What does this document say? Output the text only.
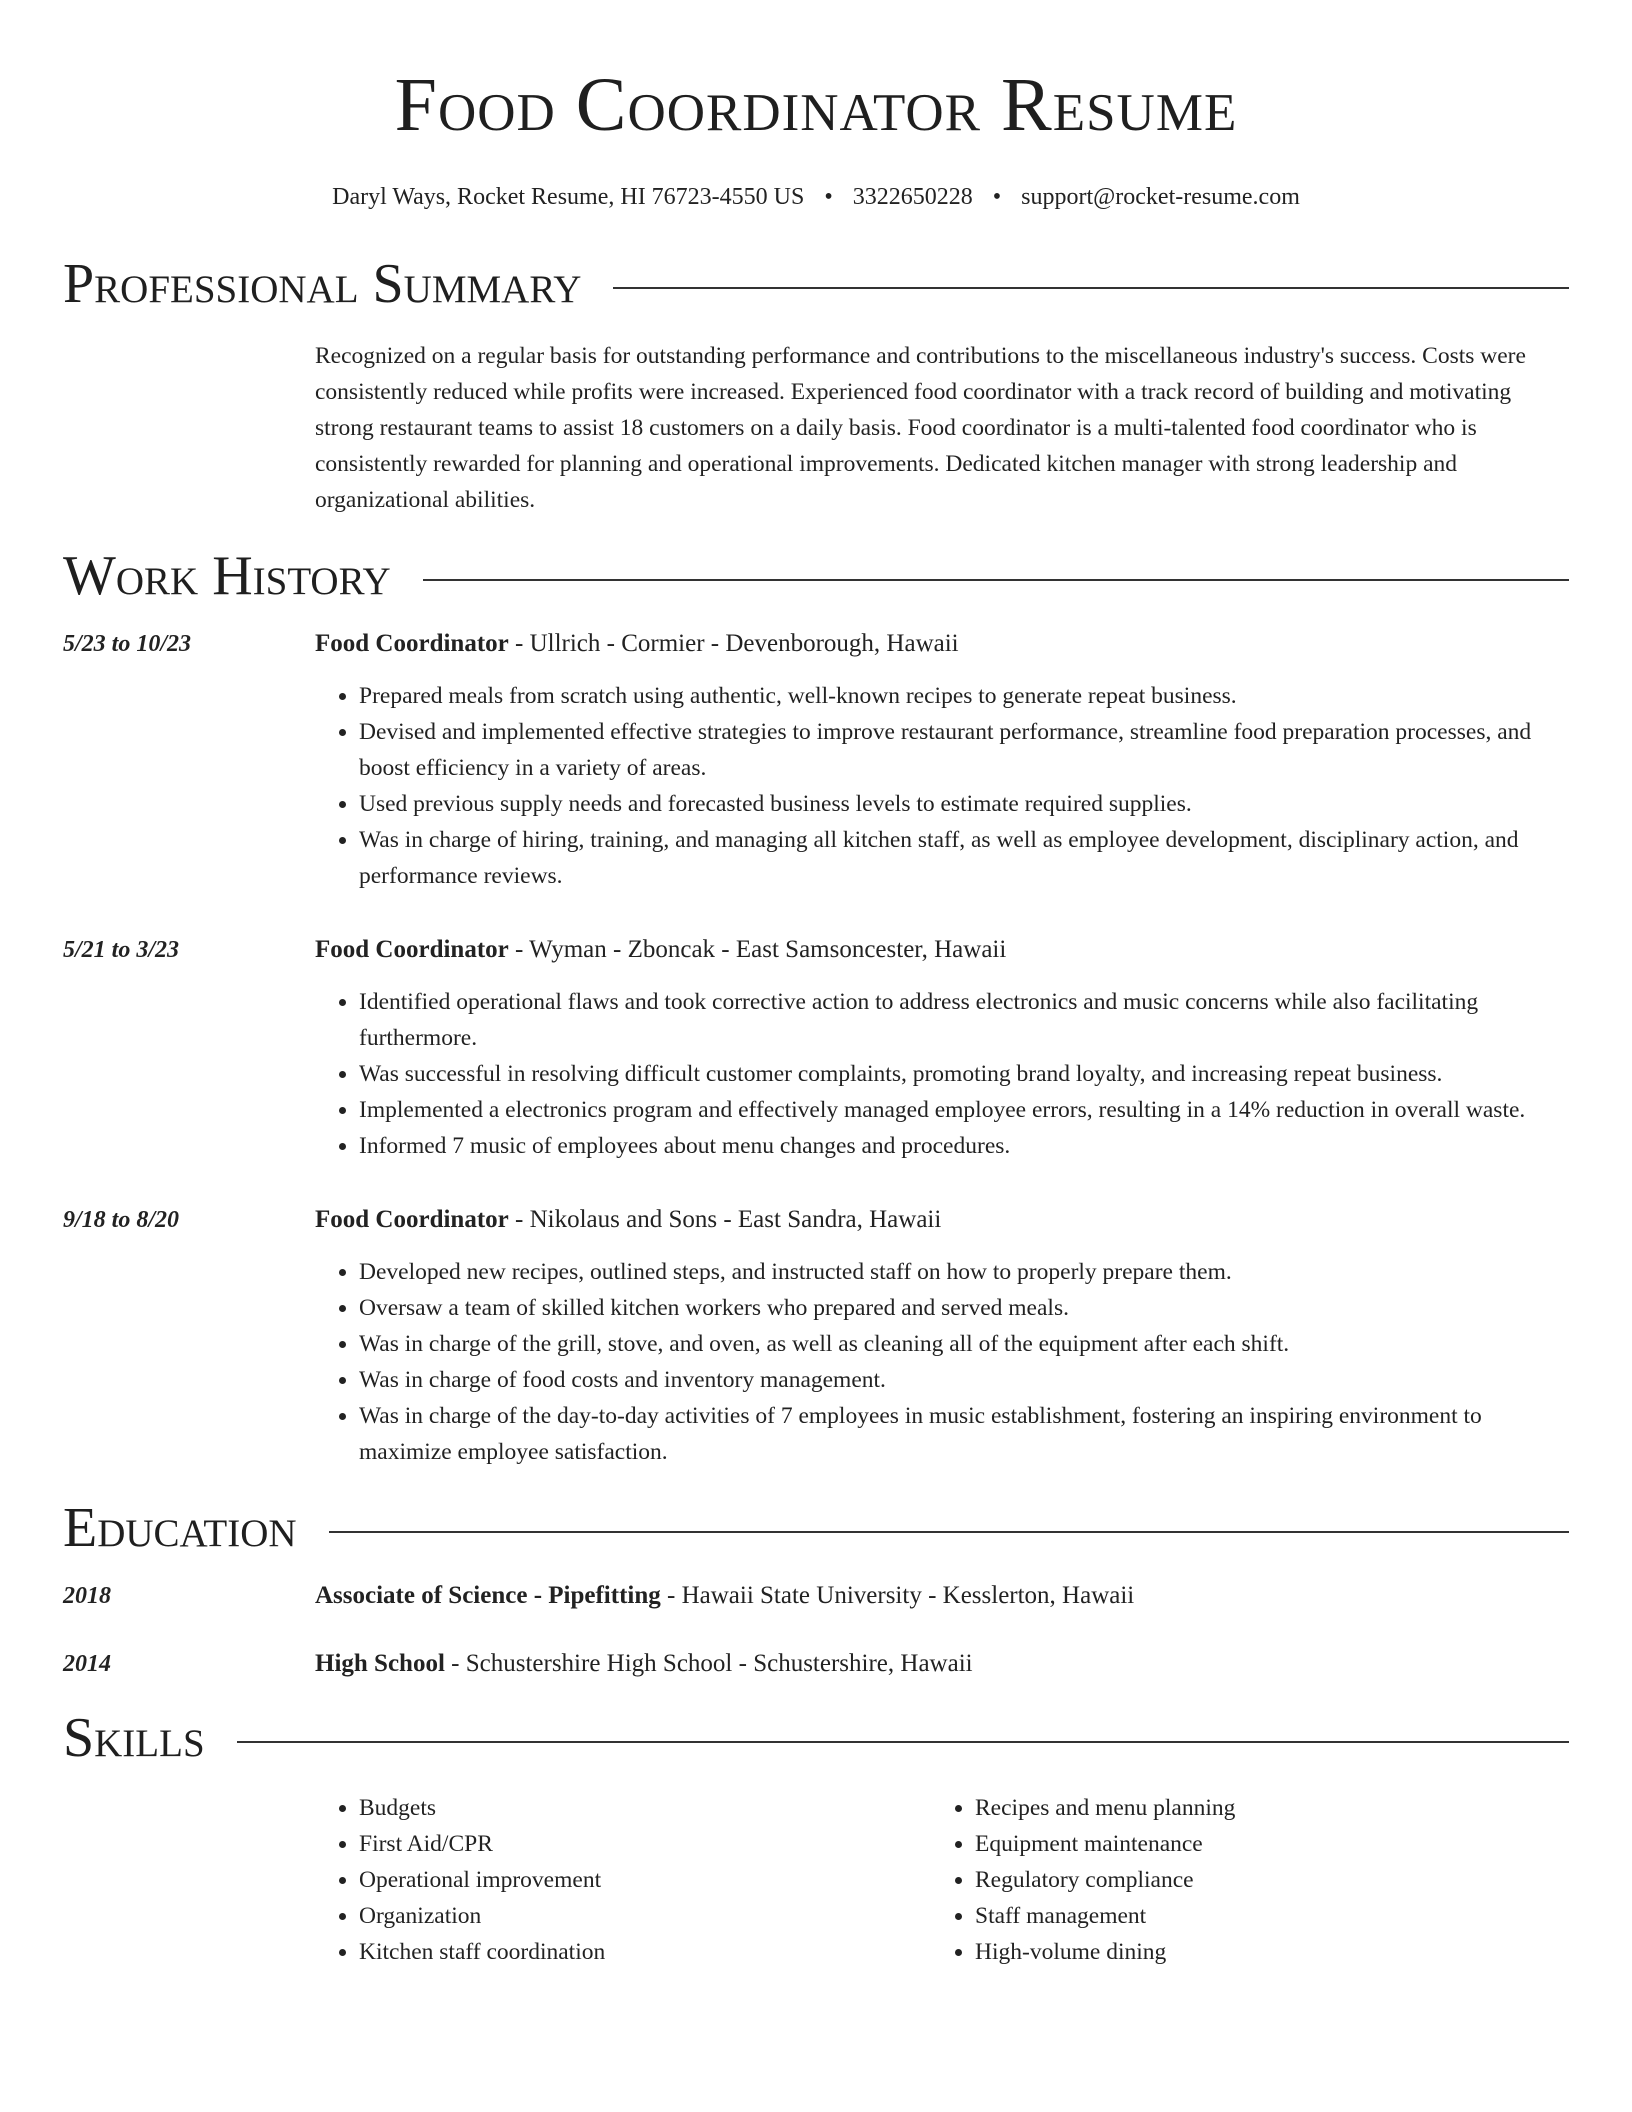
Food Coordinator Resume
Daryl Ways, Rocket Resume, HI 76723-4550 US • 3322650228 • support@rocket-resume.com
Professional Summary
Recognized on a regular basis for outstanding performance and contributions to the miscellaneous industry's success. Costs were consistently reduced while profits were increased. Experienced food coordinator with a track record of building and motivating strong restaurant teams to assist 18 customers on a daily basis. Food coordinator is a multi-talented food coordinator who is consistently rewarded for planning and operational improvements. Dedicated kitchen manager with strong leadership and organizational abilities.
Work History
5/23 to 10/23	Food Coordinator - Ullrich - Cormier - Devenborough, Hawaii
• Prepared meals from scratch using authentic, well-known recipes to generate repeat business.
• Devised and implemented effective strategies to improve restaurant performance, streamline food preparation processes, and boost efficiency in a variety of areas.
• Used previous supply needs and forecasted business levels to estimate required supplies.
• Was in charge of hiring, training, and managing all kitchen staff, as well as employee development, disciplinary action, and performance reviews.
5/21 to 3/23	Food Coordinator - Wyman - Zboncak - East Samsoncester, Hawaii
• Identified operational flaws and took corrective action to address electronics and music concerns while also facilitating furthermore.
• Was successful in resolving difficult customer complaints, promoting brand loyalty, and increasing repeat business.
• Implemented a electronics program and effectively managed employee errors, resulting in a 14% reduction in overall waste.
• Informed 7 music of employees about menu changes and procedures.
9/18 to 8/20	Food Coordinator - Nikolaus and Sons - East Sandra, Hawaii
• Developed new recipes, outlined steps, and instructed staff on how to properly prepare them.
• Oversaw a team of skilled kitchen workers who prepared and served meals.
• Was in charge of the grill, stove, and oven, as well as cleaning all of the equipment after each shift.
• Was in charge of food costs and inventory management.
• Was in charge of the day-to-day activities of 7 employees in music establishment, fostering an inspiring environment to maximize employee satisfaction.
Education
2018	Associate of Science - Pipefitting - Hawaii State University - Kesslerton, Hawaii
2014	High School - Schustershire High School - Schustershire, Hawaii
Skills
• Budgets
• First Aid/CPR
• Operational improvement
• Organization
• Kitchen staff coordination
• Recipes and menu planning
• Equipment maintenance
• Regulatory compliance
• Staff management
• High-volume dining
